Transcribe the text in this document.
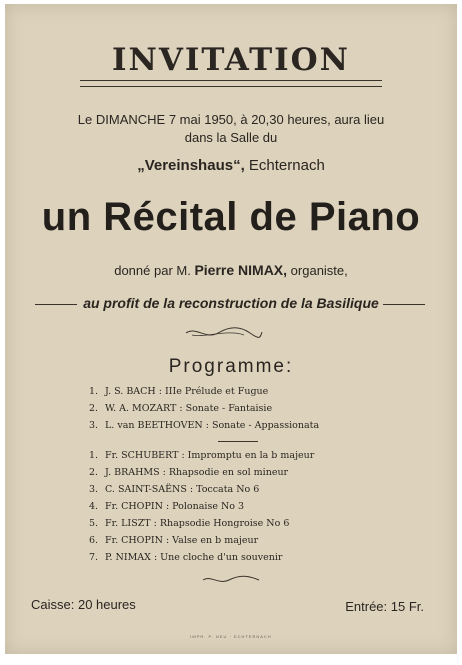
INVITATION
Le DIMANCHE 7 mai 1950, à 20,30 heures, aura lieu
dans la Salle du
„Vereinshaus“, Echternach
un Récital de Piano
donné par M. Pierre NIMAX, organiste,
au profit de la reconstruction de la Basilique
Programme:
1. J. S. BACH : IIIe Prélude et Fugue
2. W. A. MOZART : Sonate - Fantaisie
3. L. van BEETHOVEN : Sonate - Appassionata
1. Fr. SCHUBERT : Impromptu en la b majeur
2. J. BRAHMS : Rhapsodie en sol mineur
3. C. SAINT-SAËNS : Toccata No 6
4. Fr. CHOPIN : Polonaise No 3
5. Fr. LISZT : Rhapsodie Hongroise No 6
6. Fr. CHOPIN : Valse en b majeur
7. P. NIMAX : Une cloche d'un souvenir
Caisse: 20 heures	Entrée: 15 Fr.
IMPR. P. NEU · ECHTERNACH
